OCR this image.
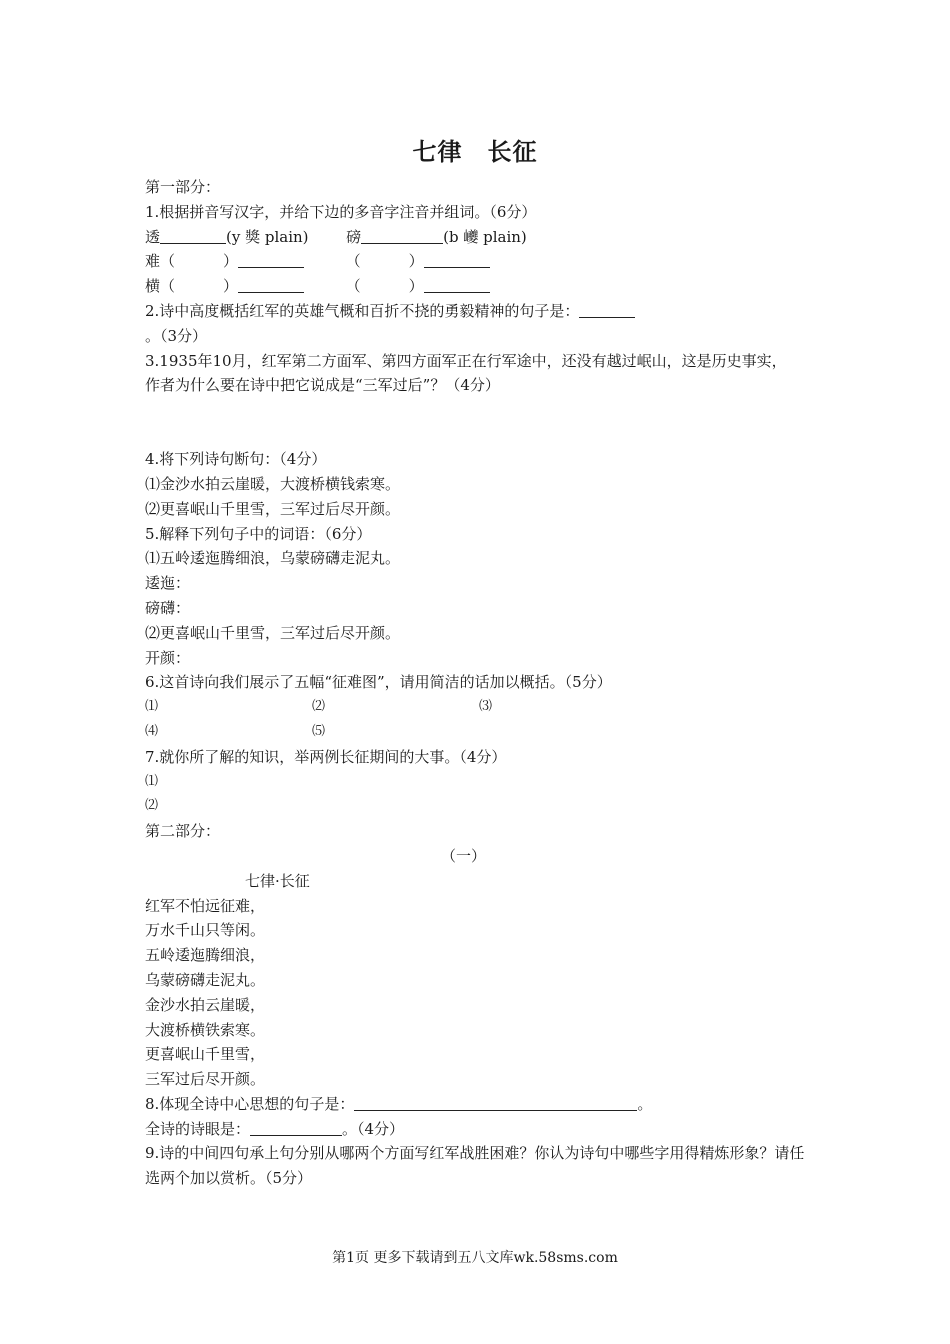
七律　长征
第一部分：
1.根据拼音写汉字，并给下边的多音字注音并组词。（6分）
透	(y 獎 plain)	磅	(b 巙 plain)
难（	）	（	）
横（	）	（	）
2.诗中高度概括红军的英雄气概和百折不挠的勇毅精神的句子是：
。（3分）
3.1935年10月，红军第二方面军、第四方面军正在行军途中，还没有越过岷山，这是历史事实，作者为什么要在诗中把它说成是“三军过后”？（4分）
4.将下列诗句断句：（4分）
⑴金沙水拍云崖暖，大渡桥横钱索寒。
⑵更喜岷山千里雪，三军过后尽开颜。
5.解释下列句子中的词语：（6分）
⑴五岭逶迤腾细浪，乌蒙磅礴走泥丸。
逶迤：
磅礴：
⑵更喜岷山千里雪，三军过后尽开颜。
开颜：
6.这首诗向我们展示了五幅“征难图”，请用简洁的话加以概括。（5分）
⑴	⑵	⑶
⑷	⑸
7.就你所了解的知识，举两例长征期间的大事。（4分）
⑴
⑵
第二部分：
（一）
七律·长征
红军不怕远征难，
万水千山只等闲。
五岭逶迤腾细浪，
乌蒙磅礴走泥丸。
金沙水拍云崖暖，
大渡桥横铁索寒。
更喜岷山千里雪，
三军过后尽开颜。
8.体现全诗中心思想的句子是：	。
全诗的诗眼是：	。（4分）
9.诗的中间四句承上句分别从哪两个方面写红军战胜困难？你认为诗句中哪些字用得精炼形象？请任选两个加以赏析。（5分）
第1页 更多下载请到五八文库wk.58sms.com
